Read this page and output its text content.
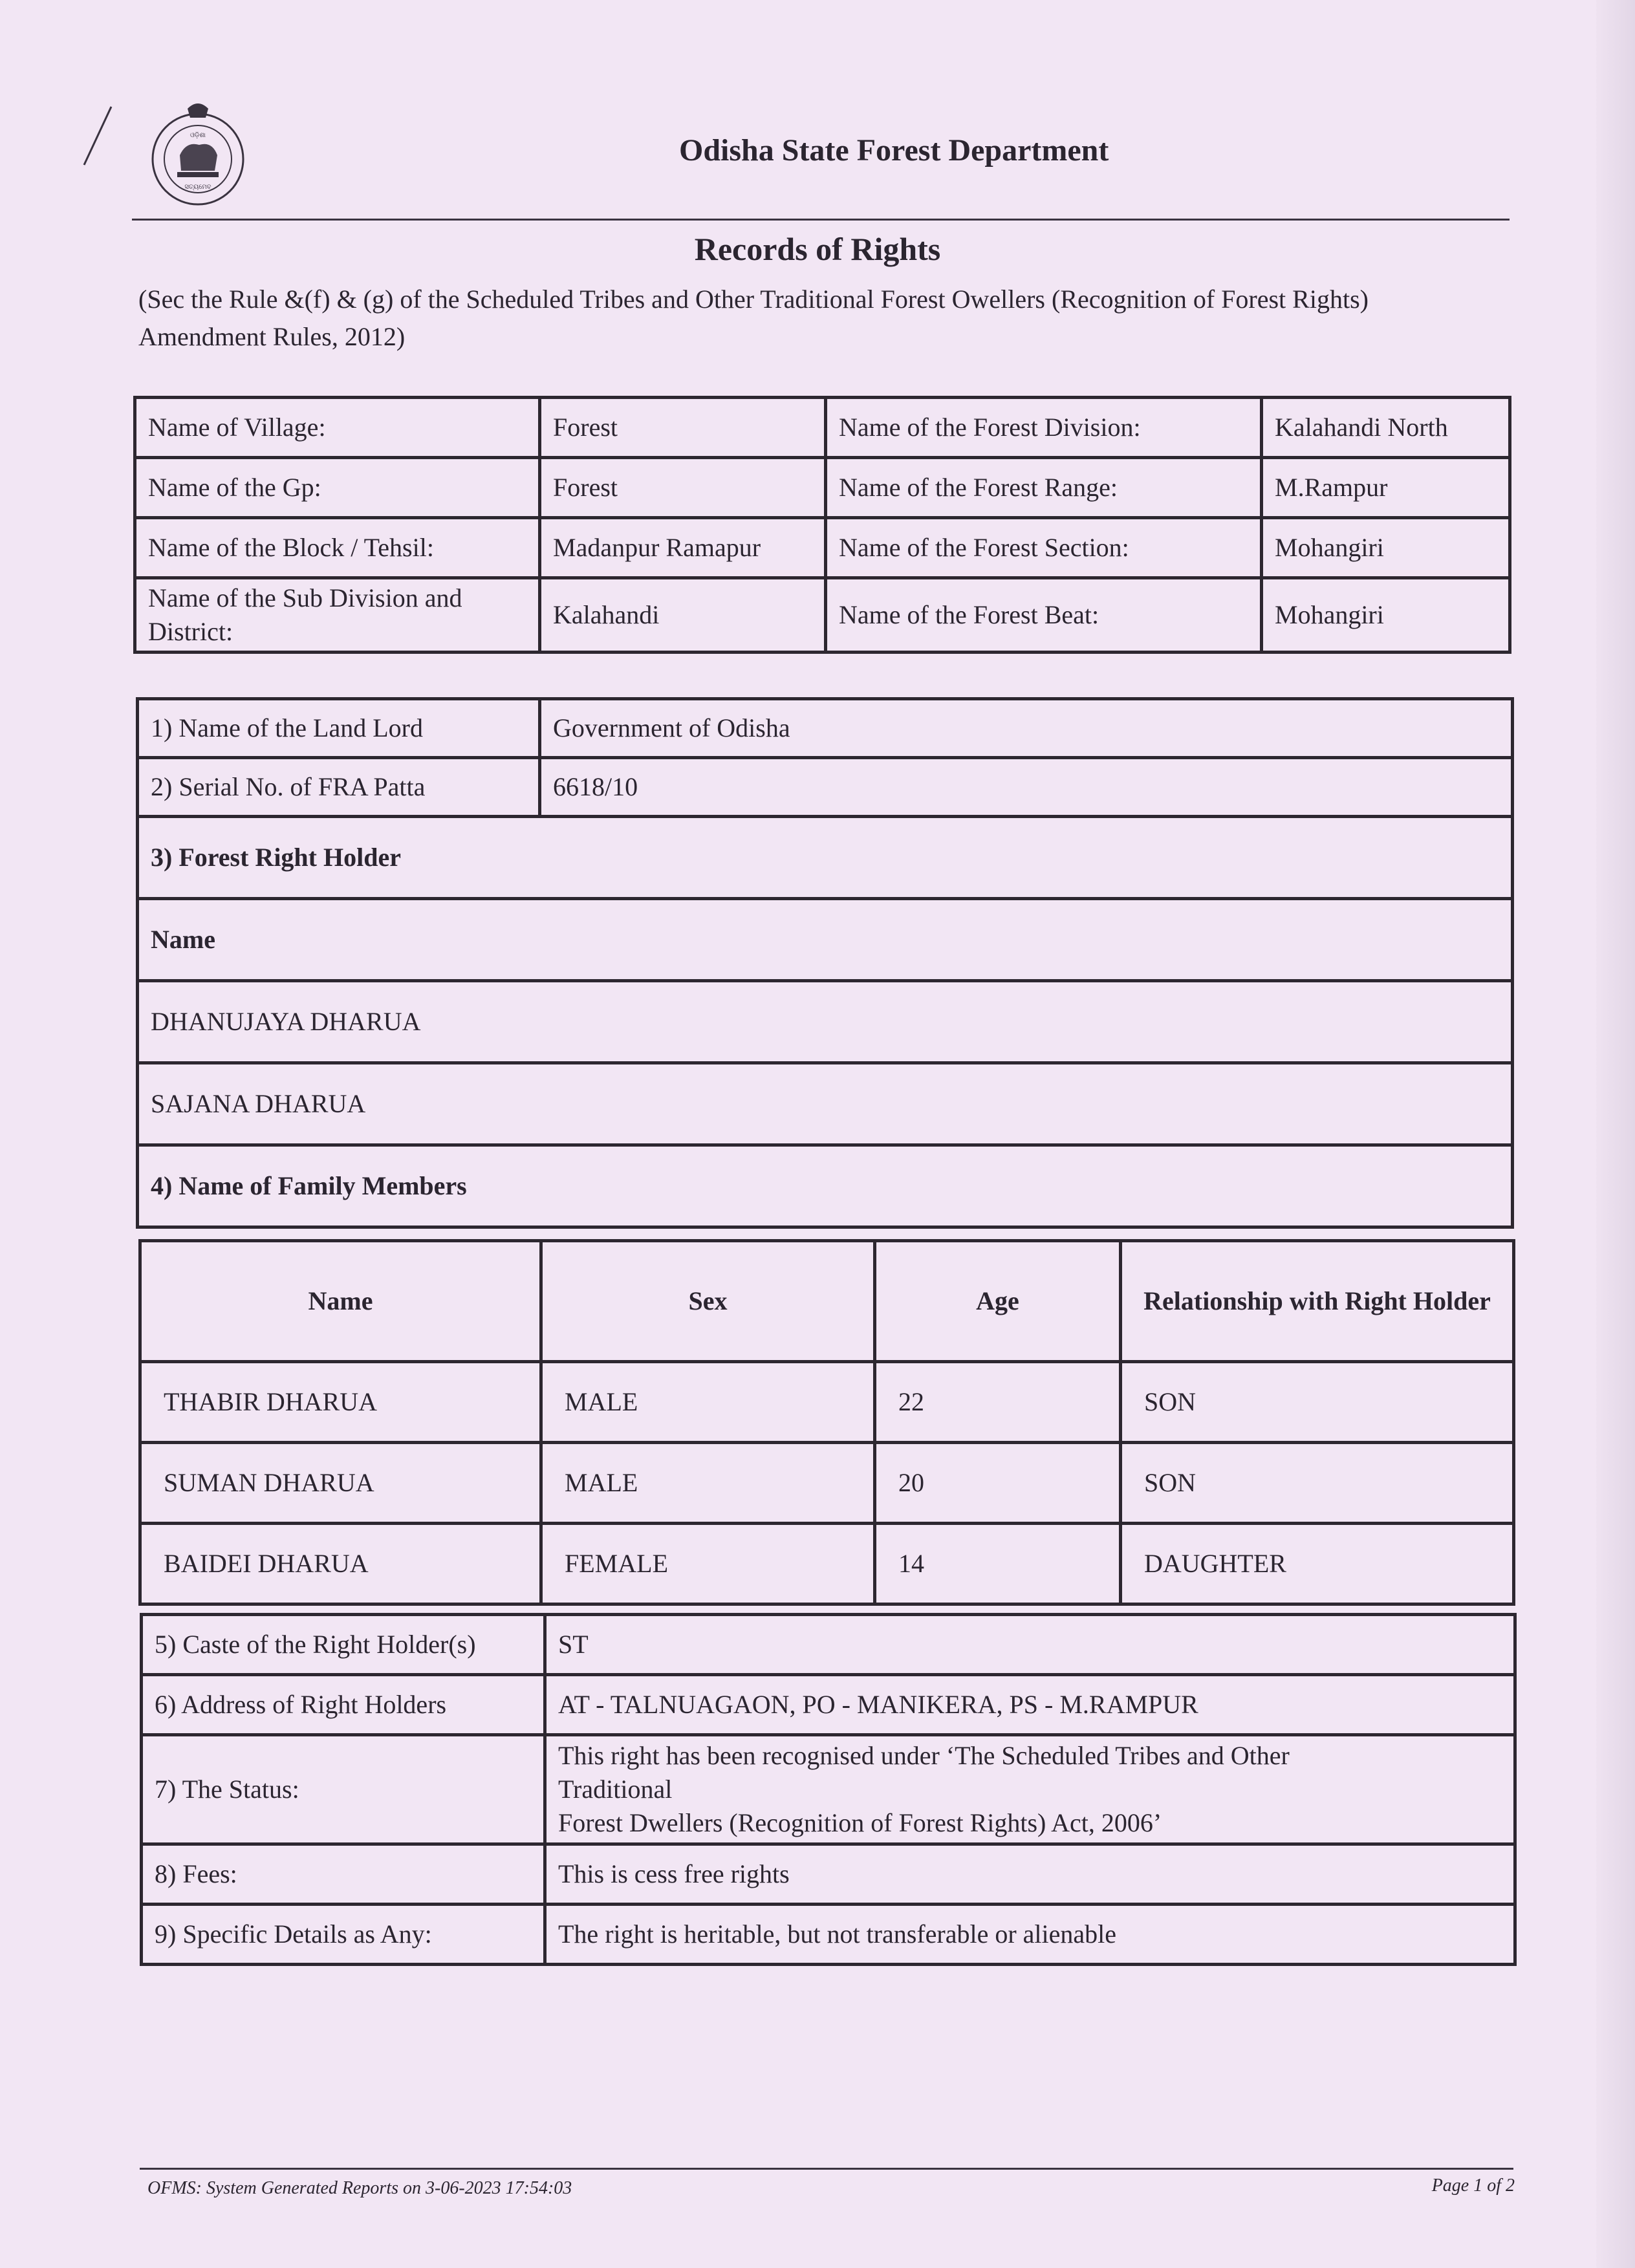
ଓଡ଼ିଶା
ସତ୍ୟମେବ
Odisha State Forest Department
Records of Rights
(Sec the Rule &(f) & (g) of the Scheduled Tribes and Other Traditional Forest Owellers (Recognition of Forest Rights) Amendment Rules, 2012)
Name of Village:	Forest	Name of the Forest Division:	Kalahandi North
Name of the Gp:	Forest	Name of the Forest Range:	M.Rampur
Name of the Block / Tehsil:	Madanpur Ramapur	Name of the Forest Section:	Mohangiri
Name of the Sub Division and District:	Kalahandi	Name of the Forest Beat:	Mohangiri
1) Name of the Land Lord	Government of Odisha
2) Serial No. of FRA Patta	6618/10
3) Forest Right Holder	
Name	
DHANUJAYA DHARUA	
SAJANA DHARUA	
4) Name of Family Members	
Name	Sex	Age	Relationship with Right Holder
THABIR DHARUA	MALE	22	SON
SUMAN DHARUA	MALE	20	SON
BAIDEI DHARUA	FEMALE	14	DAUGHTER
5) Caste of the Right Holder(s)	ST
6) Address of Right Holders	AT - TALNUAGAON, PO - MANIKERA, PS - M.RAMPUR
7) The Status:	This right has been recognised under ‘The Scheduled Tribes and Other
Traditional
Forest Dwellers (Recognition of Forest Rights) Act, 2006’

8) Fees:	This is cess free rights
9) Specific Details as Any:	The right is heritable, but not transferable or alienable
OFMS: System Generated Reports on 3-06-2023 17:54:03	Page 1 of 2
